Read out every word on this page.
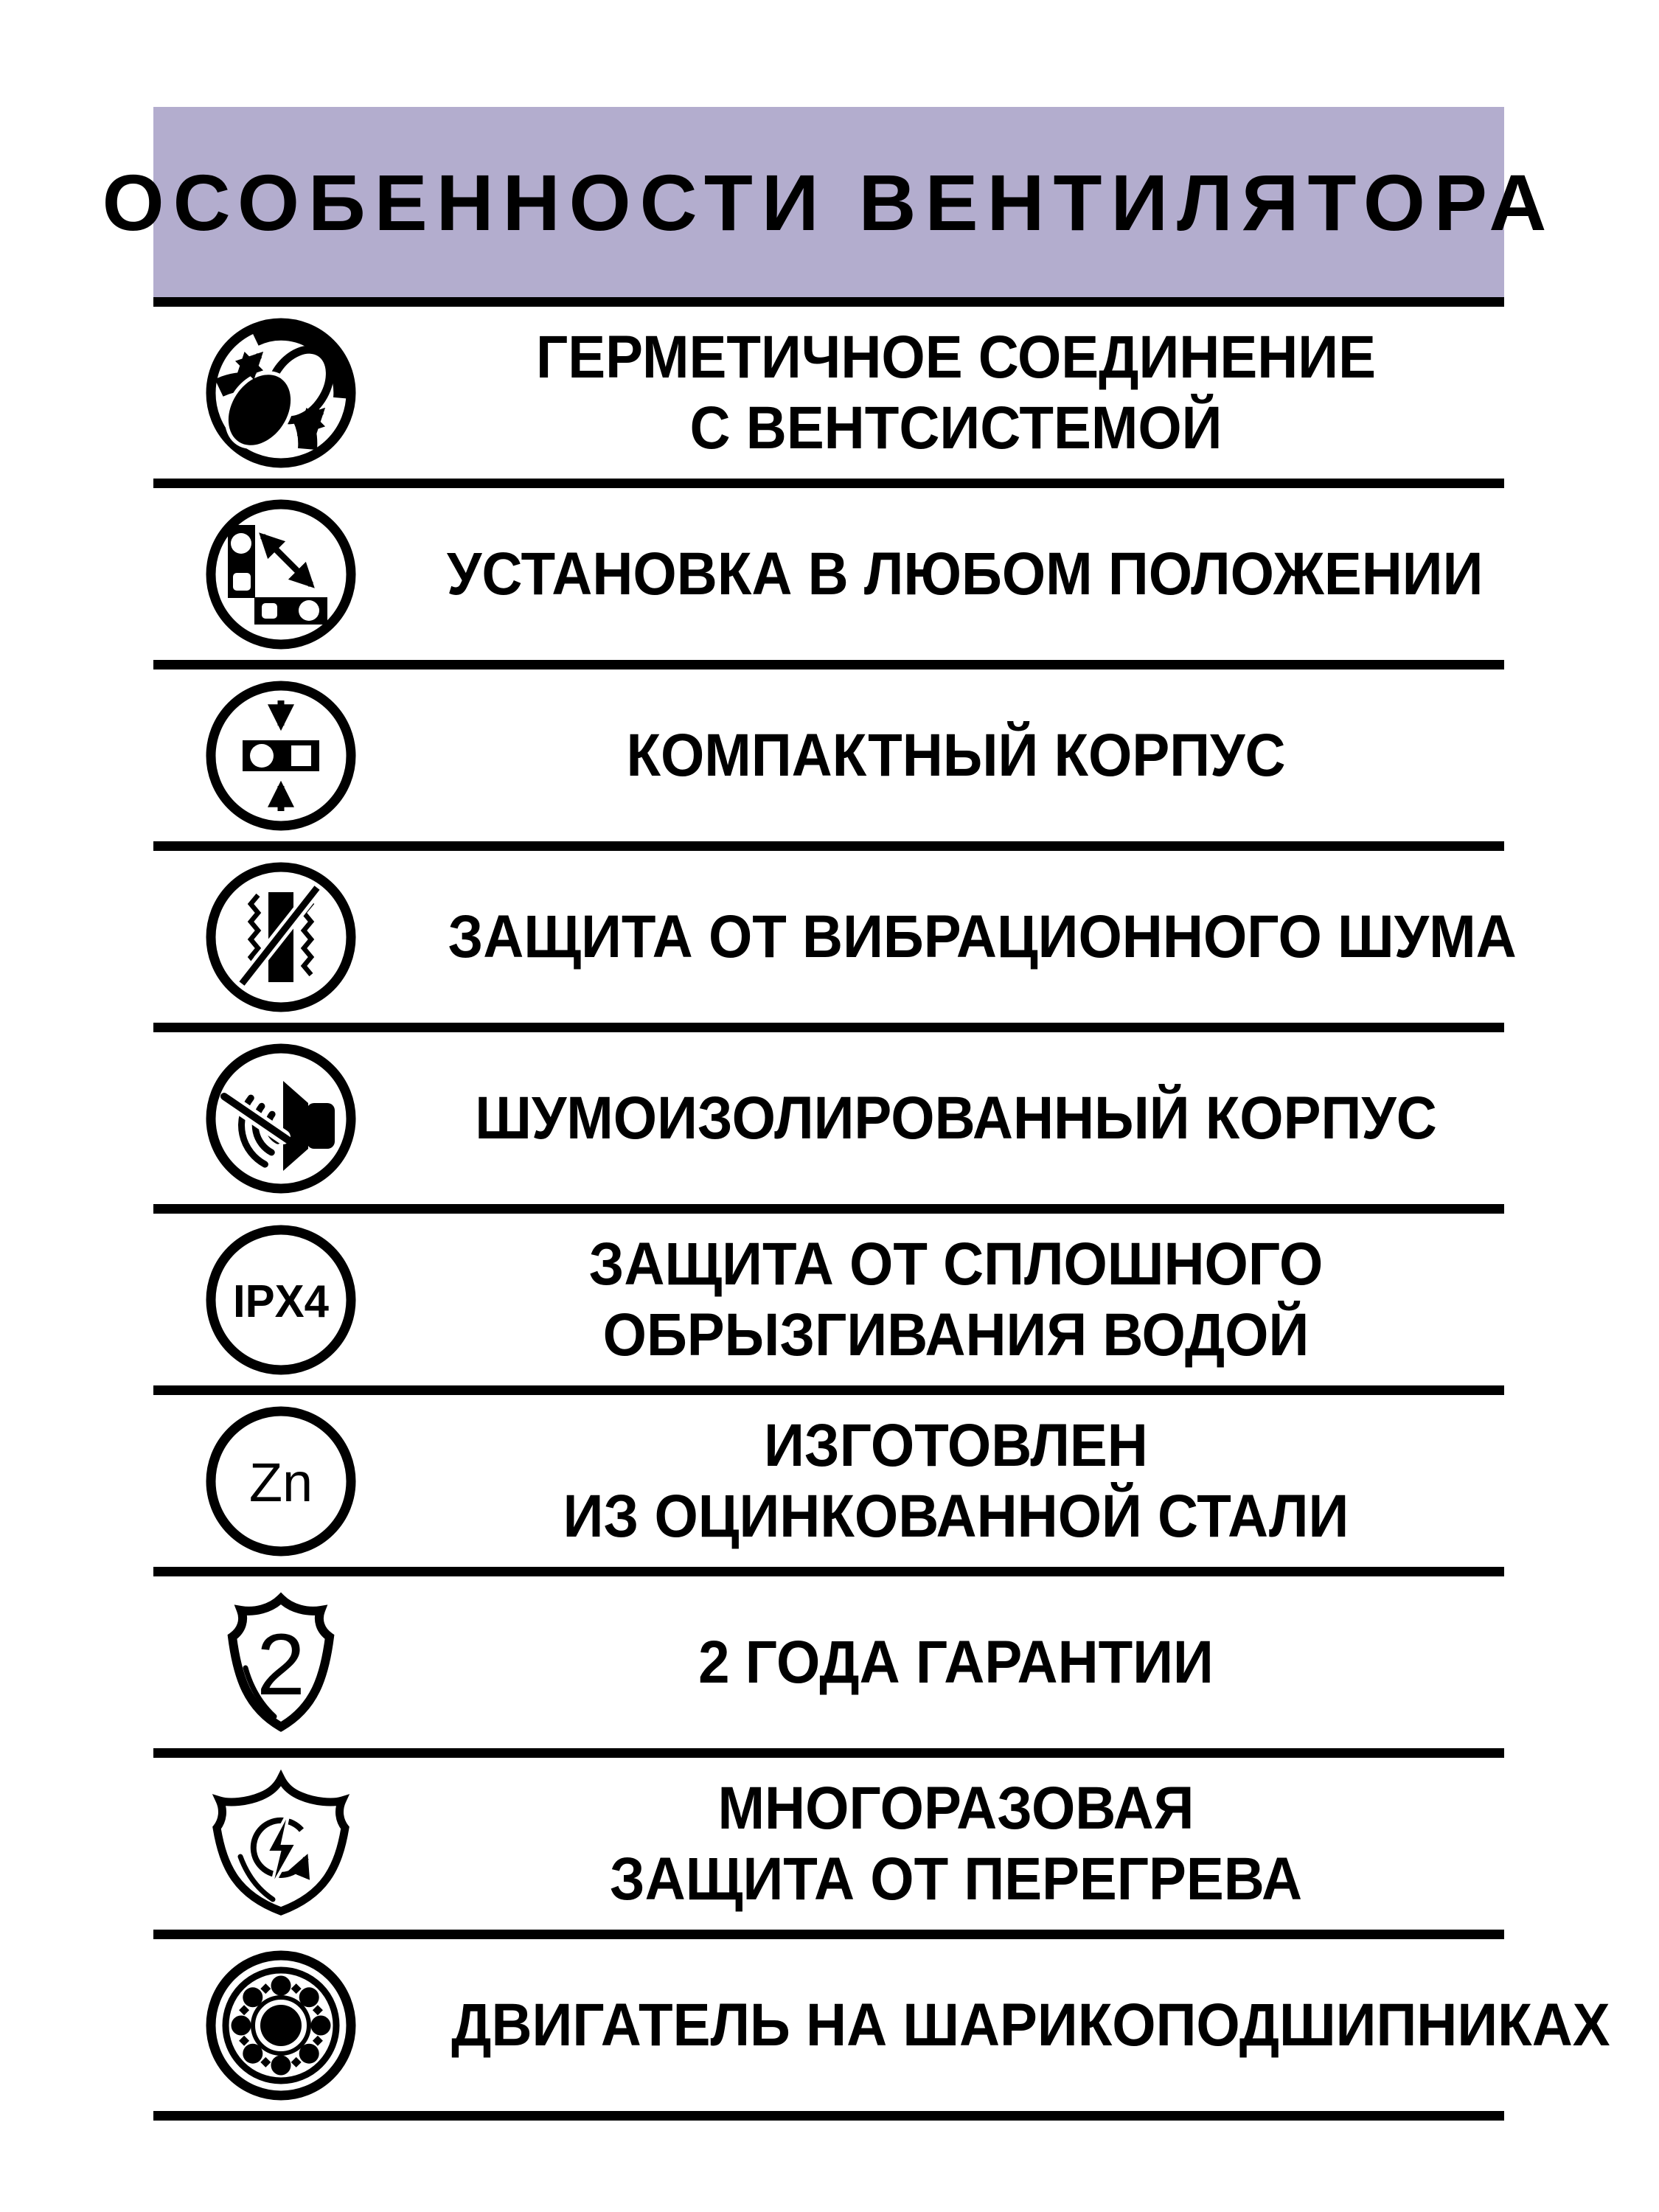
ОСОБЕННОСТИ ВЕНТИЛЯТОРА
ГЕРМЕТИЧНОЕ СОЕДИНЕНИЕ
С ВЕНТСИСТЕМОЙ
УСТАНОВКА В ЛЮБОМ ПОЛОЖЕНИИ
КОМПАКТНЫЙ КОРПУС
ЗАЩИТА ОТ ВИБРАЦИОННОГО ШУМА
ШУМОИЗОЛИРОВАННЫЙ КОРПУС
IPX4
ЗАЩИТА ОТ СПЛОШНОГО
ОБРЫЗГИВАНИЯ ВОДОЙ
Zn
ИЗГОТОВЛЕН
ИЗ ОЦИНКОВАННОЙ СТАЛИ
2	2 ГОДА ГАРАНТИИ
МНОГОРАЗОВАЯ
ЗАЩИТА ОТ ПЕРЕГРЕВА
ДВИГАТЕЛЬ НА ШАРИКОПОДШИПНИКАХ
